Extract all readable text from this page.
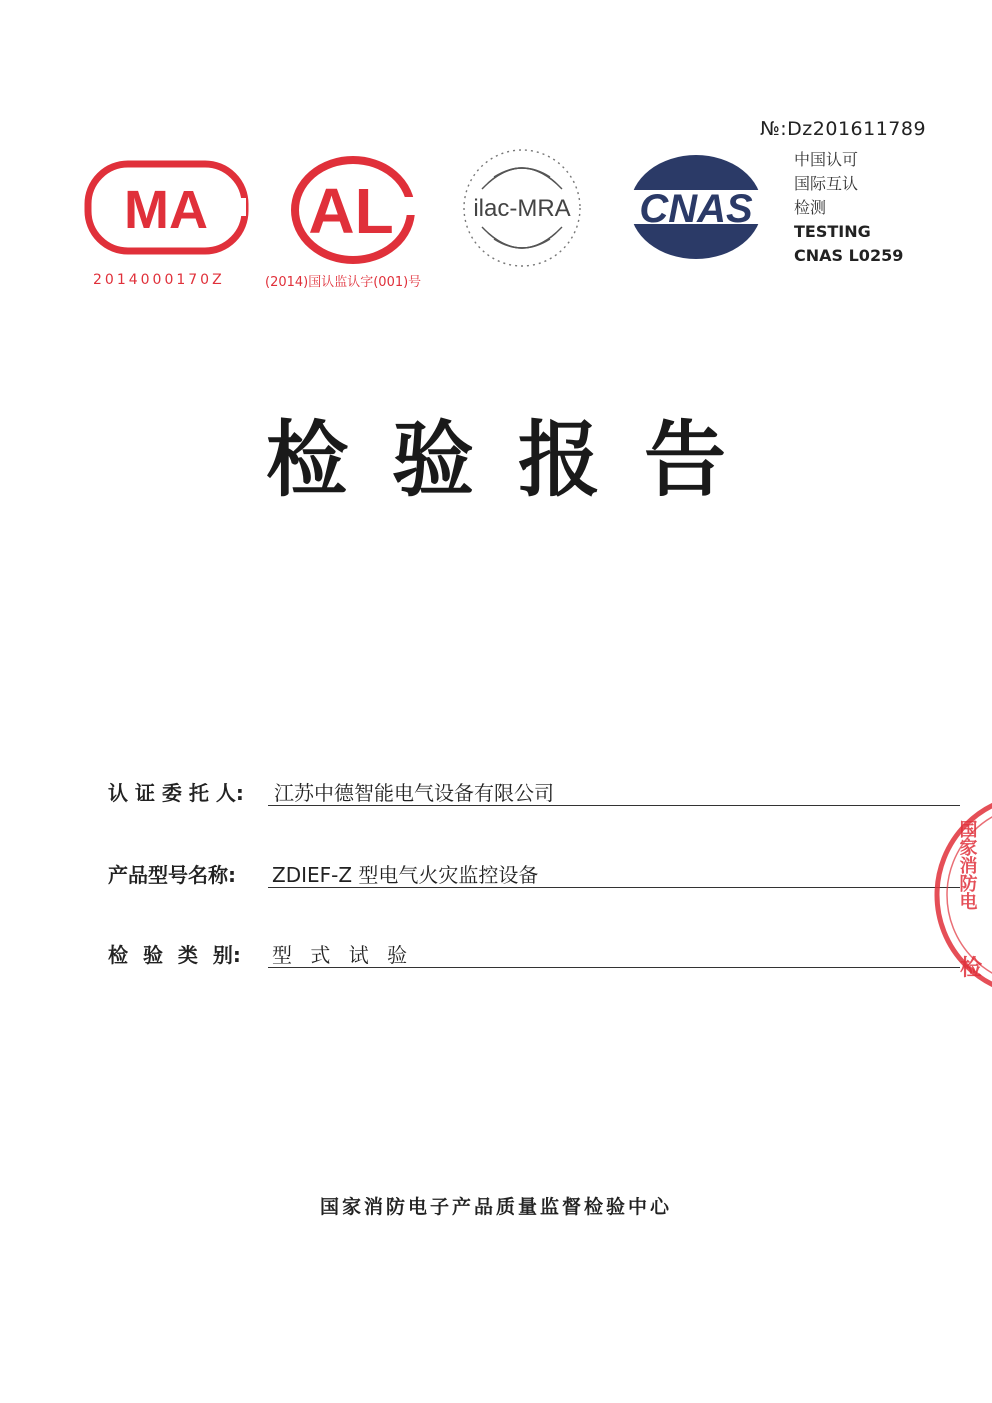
№:Dz201611789
中国认可
国际互认
检测
TESTING
CNAS L0259
MA
2014000170Z
AL
(2014)国认监认字(001)号
ilac-MRA CNAS
检验报告
认 证 委 托 人: 江苏中德智能电气设备有限公司
产品型号名称: ZDIEF-Z 型电气火灾监控设备
检 验 类 别: 型 式 试 验
国家消防电
检
国家消防电子产品质量监督检验中心
